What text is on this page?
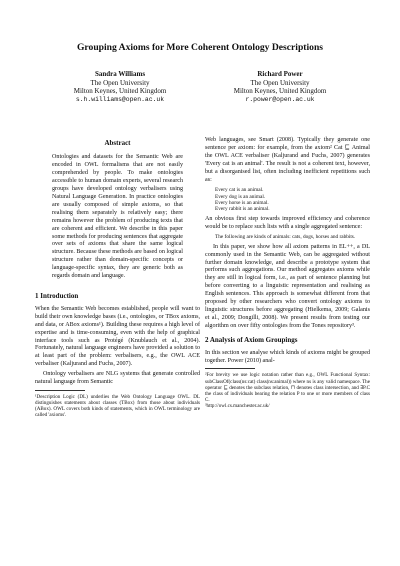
Grouping Axioms for More Coherent Ontology Descriptions
Sandra Williams
The Open University
Milton Keynes, United Kingdom
s.h.williams@open.ac.uk
Richard Power
The Open University
Milton Keynes, United Kingdom
r.power@open.ac.uk
Abstract
Ontologies and datasets for the Semantic Web are encoded in OWL formalisms that are not easily comprehended by people. To make ontologies accessible to human domain experts, several research groups have developed ontology verbalisers using Natural Language Generation. In practice ontologies are usually composed of simple axioms, so that realising them separately is relatively easy; there remains however the problem of producing texts that are coherent and efficient. We describe in this paper some methods for producing sentences that aggregate over sets of axioms that share the same logical structure. Because these methods are based on logical structure rather than domain-specific concepts or language-specific syntax, they are generic both as regards domain and language.
1 Introduction

When the Semantic Web becomes established, people will want to build their own knowledge bases (i.e., ontologies, or TBox axioms, and data, or ABox axioms¹). Building these requires a high level of expertise and is time-consuming, even with the help of graphical interface tools such as Protégé (Knublauch et al., 2004). Fortunately, natural language engineers have provided a solution to at least part of the problem: verbalisers, e.g., the OWL ACE verbaliser (Kaljurand and Fuchs, 2007).

Ontology verbalisers are NLG systems that generate controlled natural language from Semantic

¹Description Logic (DL) underlies the Web Ontology Language OWL. DL distinguishes statements about classes (TBox) from those about individuals (ABox). OWL covers both kinds of statements, which in OWL terminology are called 'axioms'.

Web languages, see Smart (2008). Typically they generate one sentence per axiom: for example, from the axiom² Cat ⊑ Animal the OWL ACE verbaliser (Kaljurand and Fuchs, 2007) generates 'Every cat is an animal'. The result is not a coherent text, however, but a disorganised list, often including inefficient repetitions such as:

Every cat is an animal.
Every dog is an animal.
Every horse is an animal.
Every rabbit is an animal.

An obvious first step towards improved efficiency and coherence would be to replace such lists with a single aggregated sentence:

The following are kinds of animals: cats, dogs, horses and rabbits.

In this paper, we show how all axiom patterns in EL++, a DL commonly used in the Semantic Web, can be aggregated without further domain knowledge, and describe a prototype system that performs such aggregations. Our method aggregates axioms while they are still in logical form, i.e., as part of sentence planning but before converting to a linguistic representation and realising as English sentences. This approach is somewhat different from that proposed by other researchers who convert ontology axioms to linguistic structures before aggregating (Hielkema, 2009; Galanis et al., 2009; Dongilli, 2008). We present results from testing our algorithm on over fifty ontologies from the Tones repository³.

2 Analysis of Axiom Groupings

In this section we analyse which kinds of axioms might be grouped together. Power (2010) anal-

²For brevity we use logic notation rather than e.g., OWL Functional Syntax: subClassOf(class(ns:cat) class(ns:animal)) where ns is any valid namespace. The operator ⊑ denotes the subclass relation, ⊓ denotes class intersection, and ∃P.C the class of individuals bearing the relation P to one or more members of class C.
³http://owl.cs.manchester.ac.uk/
